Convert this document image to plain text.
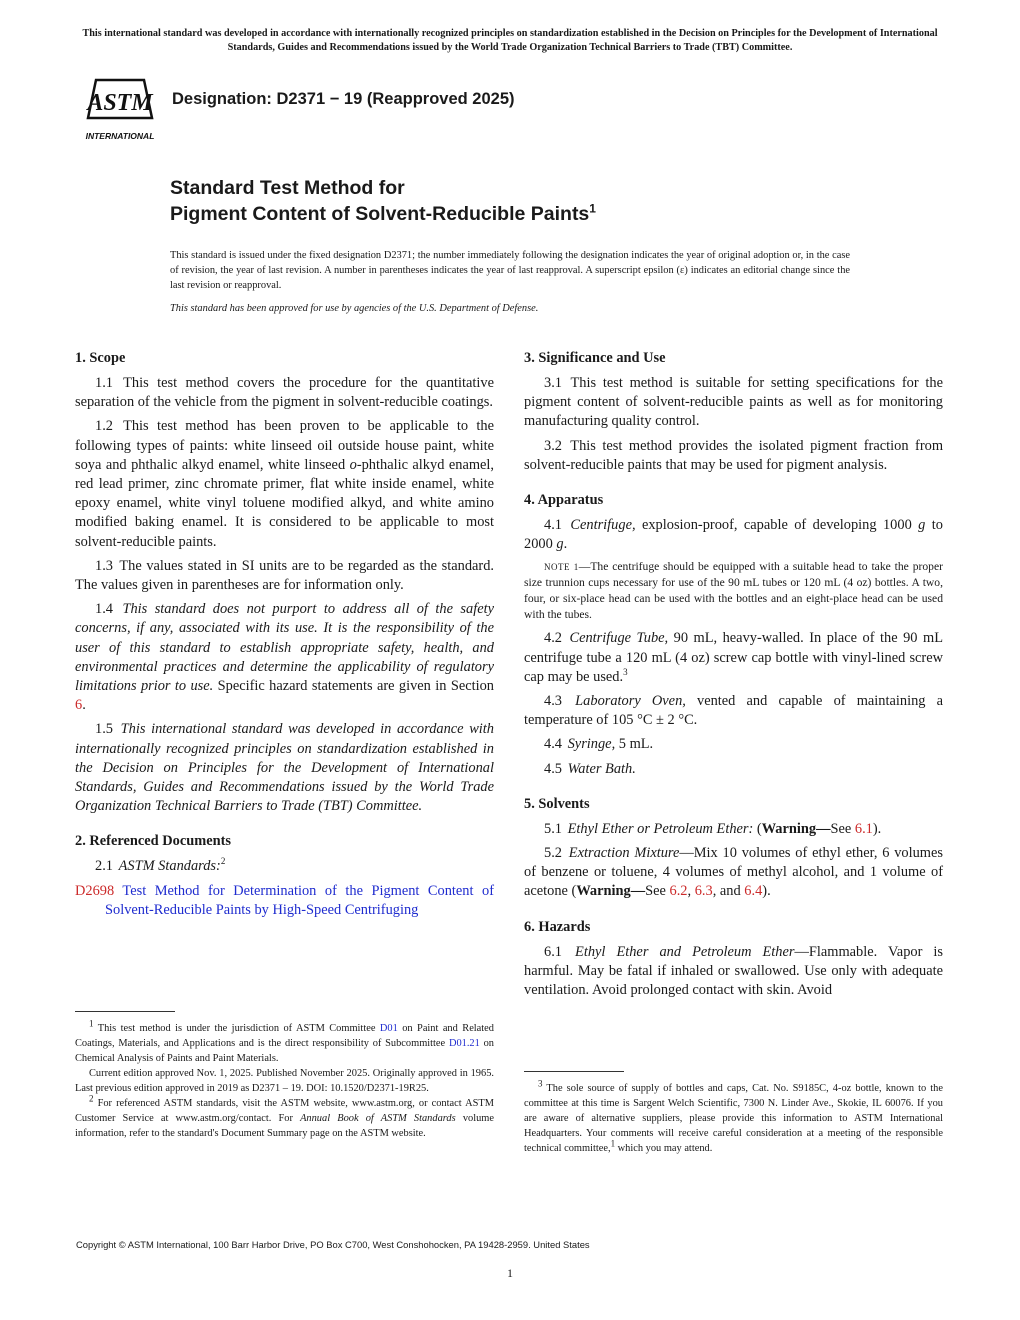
This international standard was developed in accordance with internationally recognized principles on standardization established in the Decision on Principles for the Development of International Standards, Guides and Recommendations issued by the World Trade Organization Technical Barriers to Trade (TBT) Committee.
ASTM
INTERNATIONAL
Designation: D2371 − 19 (Reapproved 2025)
Standard Test Method for
Pigment Content of Solvent-Reducible Paints$^1$
This standard is issued under the fixed designation D2371; the number immediately following the designation indicates the year of original adoption or, in the case of revision, the year of last revision. A number in parentheses indicates the year of last reapproval. A superscript epsilon (ε) indicates an editorial change since the last revision or reapproval.
This standard has been approved for use by agencies of the U.S. Department of Defense.
1. Scope

1.1 This test method covers the procedure for the quantitative separation of the vehicle from the pigment in solvent-reducible coatings.

1.2 This test method has been proven to be applicable to the following types of paints: white linseed oil outside house paint, white soya and phthalic alkyd enamel, white linseed o-phthalic alkyd enamel, red lead primer, zinc chromate primer, flat white inside enamel, white epoxy enamel, white vinyl toluene modified alkyd, and white amino modified baking enamel. It is considered to be applicable to most solvent-reducible paints.

1.3 The values stated in SI units are to be regarded as the standard. The values given in parentheses are for information only.

1.4 This standard does not purport to address all of the safety concerns, if any, associated with its use. It is the responsibility of the user of this standard to establish appropriate safety, health, and environmental practices and determine the applicability of regulatory limitations prior to use. Specific hazard statements are given in Section 6.

1.5 This international standard was developed in accordance with internationally recognized principles on standardization established in the Decision on Principles for the Development of International Standards, Guides and Recommendations issued by the World Trade Organization Technical Barriers to Trade (TBT) Committee.

2. Referenced Documents

2.1 ASTM Standards:$^2$

D2698 Test Method for Determination of the Pigment Content of Solvent-Reducible Paints by High-Speed Centrifuging

$^1$ This test method is under the jurisdiction of ASTM Committee D01 on Paint and Related Coatings, Materials, and Applications and is the direct responsibility of Subcommittee D01.21 on Chemical Analysis of Paints and Paint Materials.

Current edition approved Nov. 1, 2025. Published November 2025. Originally approved in 1965. Last previous edition approved in 2019 as D2371 – 19. DOI: 10.1520/D2371-19R25.

$^2$ For referenced ASTM standards, visit the ASTM website, www.astm.org, or contact ASTM Customer Service at www.astm.org/contact. For Annual Book of ASTM Standards volume information, refer to the standard's Document Summary page on the ASTM website.

3. Significance and Use

3.1 This test method is suitable for setting specifications for the pigment content of solvent-reducible paints as well as for monitoring manufacturing quality control.

3.2 This test method provides the isolated pigment fraction from solvent-reducible paints that may be used for pigment analysis.

4. Apparatus

4.1 Centrifuge, explosion-proof, capable of developing 1000 g to 2000 g.

NOTE 1—The centrifuge should be equipped with a suitable head to take the proper size trunnion cups necessary for use of the 90 mL tubes or 120 mL (4 oz) bottles. A two, four, or six-place head can be used with the bottles and an eight-place head can be used with the tubes.

4.2 Centrifuge Tube, 90 mL, heavy-walled. In place of the 90 mL centrifuge tube a 120 mL (4 oz) screw cap bottle with vinyl-lined screw cap may be used.$^3$

4.3 Laboratory Oven, vented and capable of maintaining a temperature of 105 °C ± 2 °C.

4.4 Syringe, 5 mL.

4.5 Water Bath.

5. Solvents

5.1 Ethyl Ether or Petroleum Ether: (Warning—See 6.1).

5.2 Extraction Mixture—Mix 10 volumes of ethyl ether, 6 volumes of benzene or toluene, 4 volumes of methyl alcohol, and 1 volume of acetone (Warning—See 6.2, 6.3, and 6.4).

6. Hazards

6.1 Ethyl Ether and Petroleum Ether—Flammable. Vapor is harmful. May be fatal if inhaled or swallowed. Use only with adequate ventilation. Avoid prolonged contact with skin. Avoid

$^3$ The sole source of supply of bottles and caps, Cat. No. S9185C, 4-oz bottle, known to the committee at this time is Sargent Welch Scientific, 7300 N. Linder Ave., Skokie, IL 60076. If you are aware of alternative suppliers, please provide this information to ASTM International Headquarters. Your comments will receive careful consideration at a meeting of the responsible technical committee,$^1$ which you may attend.

Copyright © ASTM International, 100 Barr Harbor Drive, PO Box C700, West Conshohocken, PA 19428-2959. United States
1
